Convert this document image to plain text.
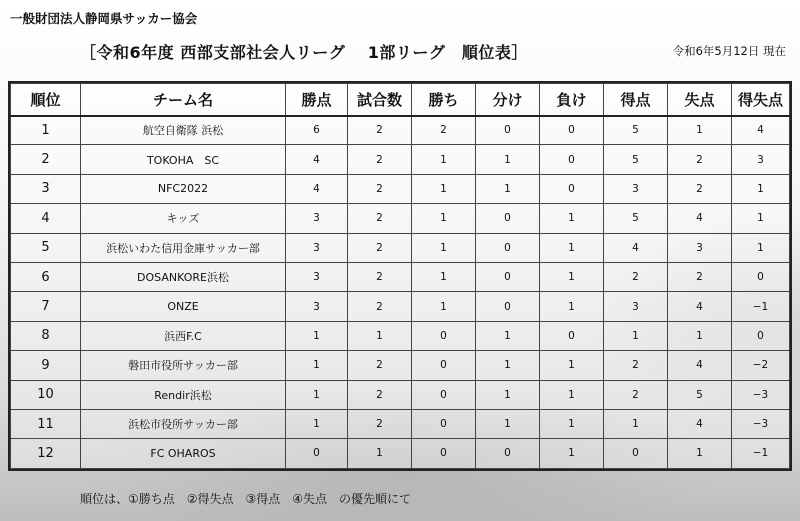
一般財団法人静岡県サッカー協会
［令和6年度 西部支部社会人リーグ　 1部リーグ　順位表］	令和6年5月12日 現在
順位	チーム名	勝点	試合数	勝ち	分け	負け	得点	失点	得失点
1	航空自衛隊 浜松	6	2	2	0	0	5	1	4
2	TOKOHA　SC	4	2	1	1	0	5	2	3
3	NFC2022	4	2	1	1	0	3	2	1
4	キッズ	3	2	1	0	1	5	4	1
5	浜松いわた信用金庫サッカー部	3	2	1	0	1	4	3	1
6	DOSANKORE浜松	3	2	1	0	1	2	2	0
7	ONZE	3	2	1	0	1	3	4	−1
8	浜西F.C	1	1	0	1	0	1	1	0
9	磐田市役所サッカー部	1	2	0	1	1	2	4	−2
10	Rendir浜松	1	2	0	1	1	2	5	−3
11	浜松市役所サッカー部	1	2	0	1	1	1	4	−3
12	FC OHAROS	0	1	0	0	1	0	1	−1
順位は、①勝ち点　②得失点　③得点　④失点　の優先順にて
